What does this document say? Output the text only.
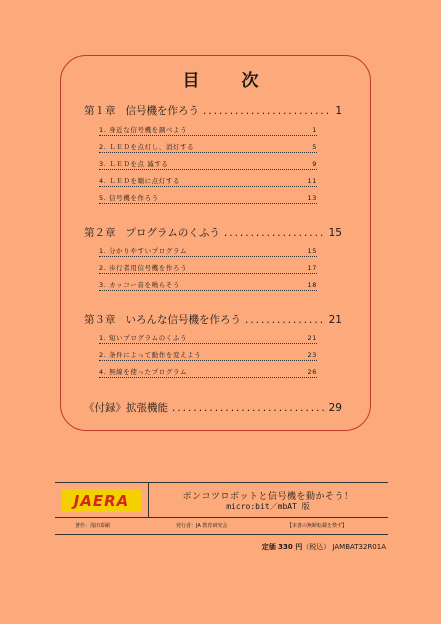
目 次
第１章 信号機を作ろう .....	1
1. 身近な信号機を調べよう	1
2. ＬＥＤを点灯し、消灯する	5
3. ＬＥＤを点 滅する	9
4. ＬＥＤを順に点灯する	11
5. 信号機を作ろう	13
第２章 プログラムのくふう .....	15
1. 分かりやすいプログラム	15
2. 歩行者用信号機を作ろう	17
3. カッコー音を鳴らそう	18
第３章 いろんな信号機を作ろう .....	21
1. 短いプログラムのくふう	21
2. 条件によって動作を変えよう	23
4. 無線を使ったプログラム	26
《付録》拡張機能 .....	29
JAERA	ポンコツロボットと信号機を動かそう！
micro:bit／mbAT 版
著作：浅田泰嗣	発行者：JA 教育研究会	【本書の無断転載を禁ず】
定価 330 円（税込） JAMBAT32R01A
